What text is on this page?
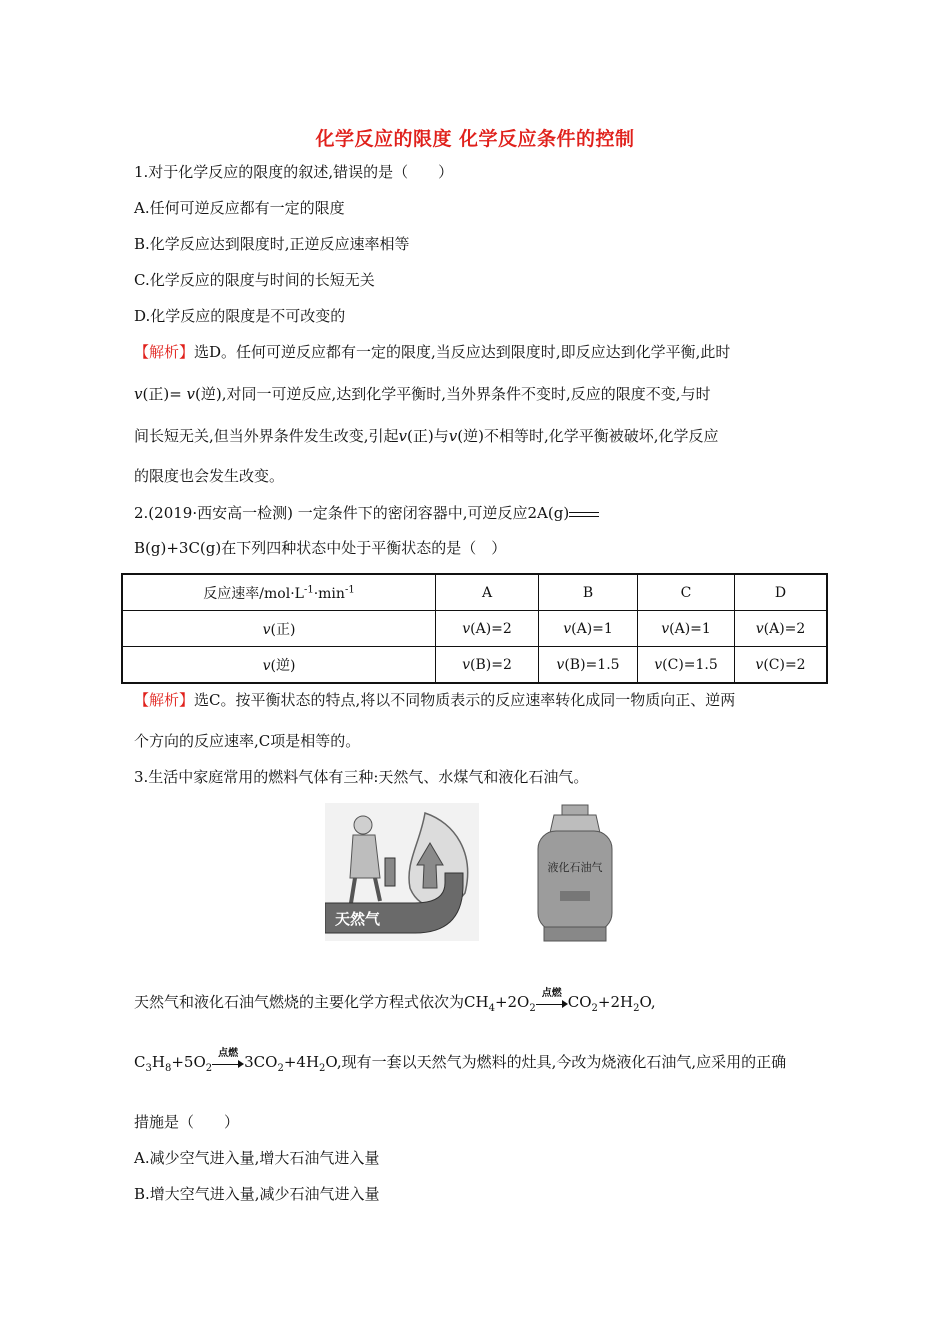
化学反应的限度 化学反应条件的控制
1.对于化学反应的限度的叙述,错误的是（　　）
A.任何可逆反应都有一定的限度
B.化学反应达到限度时,正逆反应速率相等
C.化学反应的限度与时间的长短无关
D.化学反应的限度是不可改变的
【解析】选D。任何可逆反应都有一定的限度,当反应达到限度时,即反应达到化学平衡,此时
v(正)= v(逆),对同一可逆反应,达到化学平衡时,当外界条件不变时,反应的限度不变,与时
间长短无关,但当外界条件发生改变,引起v(正)与v(逆)不相等时,化学平衡被破坏,化学反应
的限度也会发生改变。
2.(2019·西安高一检测) 一定条件下的密闭容器中,可逆反应2A(g)
B(g)+3C(g)在下列四种状态中处于平衡状态的是（　）
反应速率$/mol\cdot L^{-1}\cdot\min^{-1}$	A	B	C	D
v(正)	v(A)=2	v(A)=1	v(A)=1	v(A)=2
v(逆)	v(B)=2	v(B)=1.5	v(C)=1.5	v(C)=2
【解析】选C。按平衡状态的特点,将以不同物质表示的反应速率转化成同一物质向正、逆两
个方向的反应速率,C项是相等的。
3.生活中家庭常用的燃料气体有三种:天然气、水煤气和液化石油气。
天然气
液化石油气
天然气和液化石油气燃烧的主要化学方程式依次为$CH_4+2O_2$
点燃 $CO_2+2H_2O$,
$C_3H_8+5O_2$
点燃 $3CO_2+4H_2O$,现有一套以天然气为燃料的灶具,今改为烧液化石油气,应采用的正确
措施是（　　）
A.减少空气进入量,增大石油气进入量
B.增大空气进入量,减少石油气进入量
